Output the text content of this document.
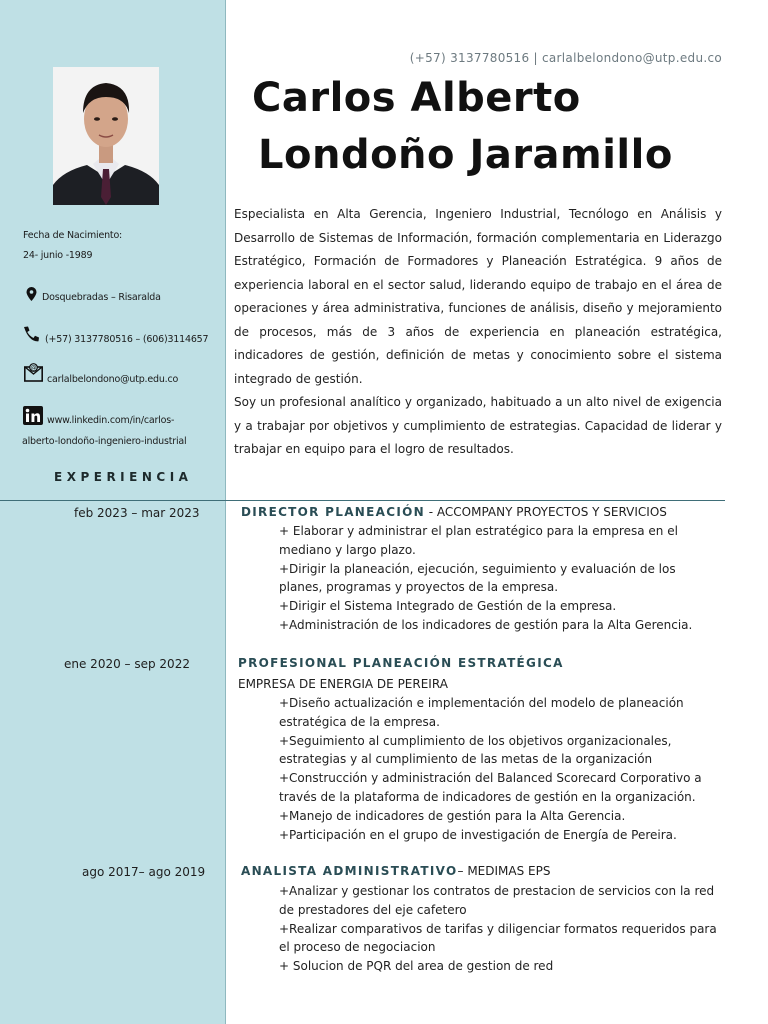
Fecha de Nacimiento:
24- junio -1989
Dosquebradas – Risaralda
(+57) 3137780516 – (606)3114657
@
carlalbelondono@utp.edu.co
www.linkedin.com/in/carlos-
alberto-londoño-ingeniero-industrial
EXPERIENCIA
(+57) 3137780516 | carlalbelondono@utp.edu.co
Carlos Alberto
Londoño Jaramillo

Especialista en Alta Gerencia, Ingeniero Industrial, Tecnólogo en Análisis y Desarrollo de Sistemas de Información, formación complementaria en Liderazgo Estratégico, Formación de Formadores y Planeación Estratégica. 9 años de experiencia laboral en el sector salud, liderando equipo de trabajo en el área de operaciones y área administrativa, funciones de análisis, diseño y mejoramiento de procesos, más de 3 años de experiencia en planeación estratégica, indicadores de gestión, definición de metas y conocimiento sobre el sistema integrado de gestión.

Soy un profesional analítico y organizado, habituado a un alto nivel de exigencia y a trabajar por objetivos y cumplimiento de estrategias. Capacidad de liderar y trabajar en equipo para el logro de resultados.

feb 2023 – mar 2023	DIRECTOR PLANEACIÓN - ACCOMPANY PROYECTOS Y SERVICIOS
+ Elaborar y administrar el plan estratégico para la empresa en el
mediano y largo plazo.
+Dirigir la planeación, ejecución, seguimiento y evaluación de los
planes, programas y proyectos de la empresa.
+Dirigir el Sistema Integrado de Gestión de la empresa.
+Administración de los indicadores de gestión para la Alta Gerencia.
ene 2020 – sep 2022	PROFESIONAL PLANEACIÓN ESTRATÉGICA
EMPRESA DE ENERGIA DE PEREIRA
+Diseño actualización e implementación del modelo de planeación
estratégica de la empresa.
+Seguimiento al cumplimiento de los objetivos organizacionales,
estrategias y al cumplimiento de las metas de la organización
+Construcción y administración del Balanced Scorecard Corporativo a
través de la plataforma de indicadores de gestión en la organización.
+Manejo de indicadores de gestión para la Alta Gerencia.
+Participación en el grupo de investigación de Energía de Pereira.
ago 2017– ago 2019	ANALISTA ADMINISTRATIVO– MEDIMAS EPS
+Analizar y gestionar los contratos de prestacion de servicios con la red
de prestadores del eje cafetero
+Realizar comparativos de tarifas y diligenciar formatos requeridos para
el proceso de negociacion
+ Solucion de PQR del area de gestion de red
